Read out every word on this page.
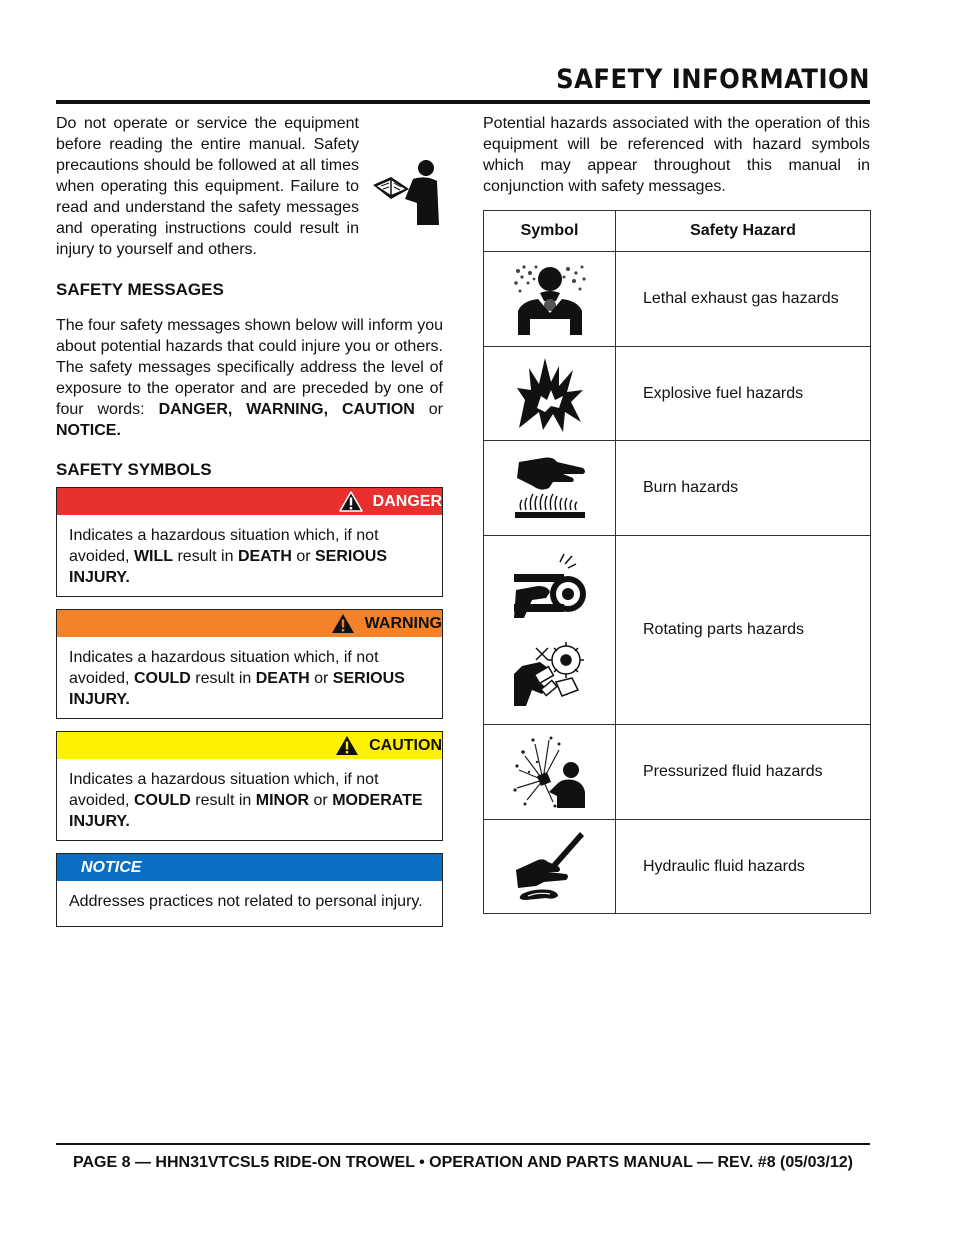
SAFETY INFORMATION

Do not operate or service the equipment before reading the entire manual. Safety precautions should be followed at all times when operating this equipment. Failure to read and understand the safety messages and operating instructions could result in injury to yourself and others.

SAFETY MESSAGES

The four safety messages shown below will inform you about potential hazards that could injure you or others. The safety messages specifically address the level of exposure to the operator and are preceded by one of four words: DANGER, WARNING, CAUTION or NOTICE.

SAFETY SYMBOLS
DANGER
Indicates a hazardous situation which, if not avoided, WILL result in DEATH or SERIOUS INJURY.
WARNING
Indicates a hazardous situation which, if not avoided, COULD result in DEATH or SERIOUS INJURY.
CAUTION
Indicates a hazardous situation which, if not avoided, COULD result in MINOR or MODERATE INJURY.
NOTICE
Addresses practices not related to personal injury.

Potential hazards associated with the operation of this equipment will be referenced with hazard symbols which may appear throughout this manual in conjunction with safety messages.

Symbol	Safety Hazard

	Lethal exhaust gas hazards

	Explosive fuel hazards

	Burn hazards

	Rotating parts hazards

	Pressurized fluid hazards

	Hydraulic fluid hazards
PAGE 8 — HHN31VTCSL5 RIDE-ON TROWEL • OPERATION AND PARTS MANUAL — REV. #8 (05/03/12)
